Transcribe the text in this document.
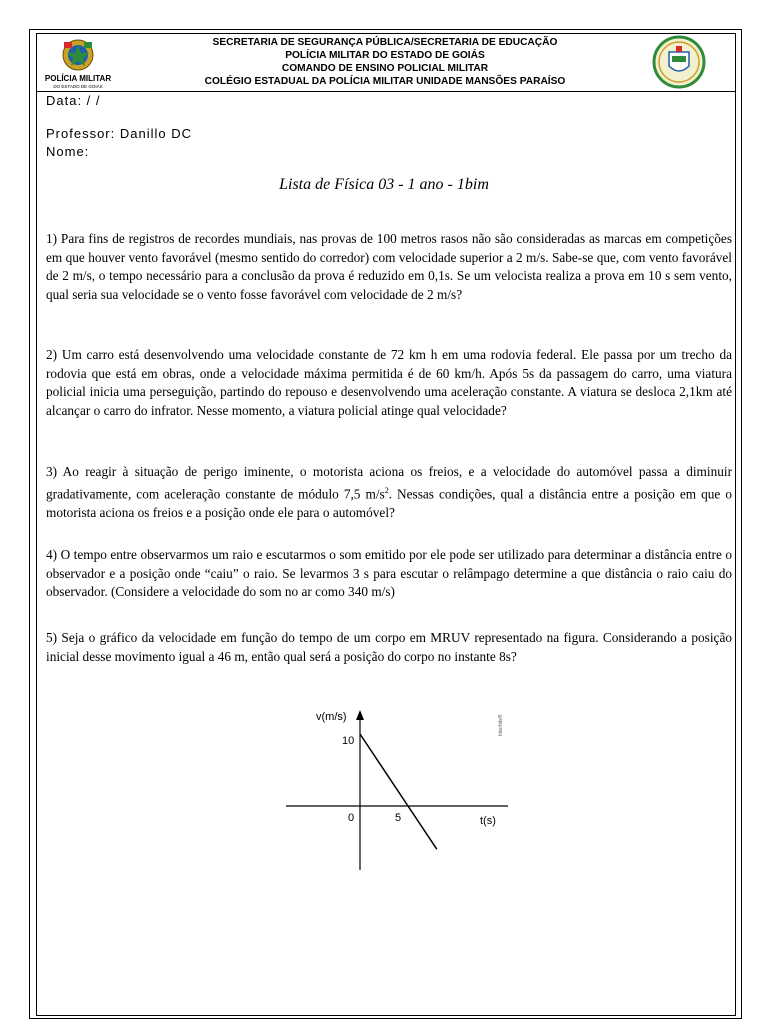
POLÍCIA MILITAR
DO ESTADO DE GOIÁS
SECRETARIA DE SEGURANÇA PÚBLICA/SECRETARIA DE EDUCAÇÃO
POLÍCIA MILITAR DO ESTADO DE GOIÁS
COMANDO DE ENSINO POLICIAL MILITAR
COLÉGIO ESTADUAL DA POLÍCIA MILITAR UNIDADE MANSÕES PARAÍSO
Data: / /
Professor: Danillo DC
Nome:
Lista de Física 03 - 1 ano - 1bim

1) Para fins de registros de recordes mundiais, nas provas de 100 metros rasos não são consideradas as marcas em competições em que houver vento favorável (mesmo sentido do corredor) com velocidade superior a 2 m/s. Sabe-se que, com vento favorável de 2 m/s, o tempo necessário para a conclusão da prova é reduzido em 0,1s. Se um velocista realiza a prova em 10 s sem vento, qual seria sua velocidade se o vento fosse favorável com velocidade de 2 m/s?

2) Um carro está desenvolvendo uma velocidade constante de 72 km h em uma rodovia federal. Ele passa por um trecho da rodovia que está em obras, onde a velocidade máxima permitida é de 60 km/h. Após 5s da passagem do carro, uma viatura policial inicia uma perseguição, partindo do repouso e desenvolvendo uma aceleração constante. A viatura se desloca 2,1km até alcançar o carro do infrator. Nesse momento, a viatura policial atinge qual velocidade?

3) Ao reagir à situação de perigo iminente, o motorista aciona os freios, e a velocidade do automóvel passa a diminuir gradativamente, com aceleração constante de módulo 7,5 $m/s^2$. Nessas condições, qual a distância entre a posição em que o motorista aciona os freios e a posição onde ele para o automóvel?

4) O tempo entre observarmos um raio e escutarmos o som emitido por ele pode ser utilizado para determinar a distância entre o observador e a posição onde “caiu” o raio. Se levarmos 3 s para escutar o relâmpago determine a que distância o raio caiu do observador. (Considere a velocidade do som no ar como 340 m/s)

5) Seja o gráfico da velocidade em função do tempo de um corpo em MRUV representado na figura. Considerando a posição inicial desse movimento igual a 46 m, então qual será a posição do corpo no instante 8s?

v(m/s)
t(s)
10
0	5
Interbits®
